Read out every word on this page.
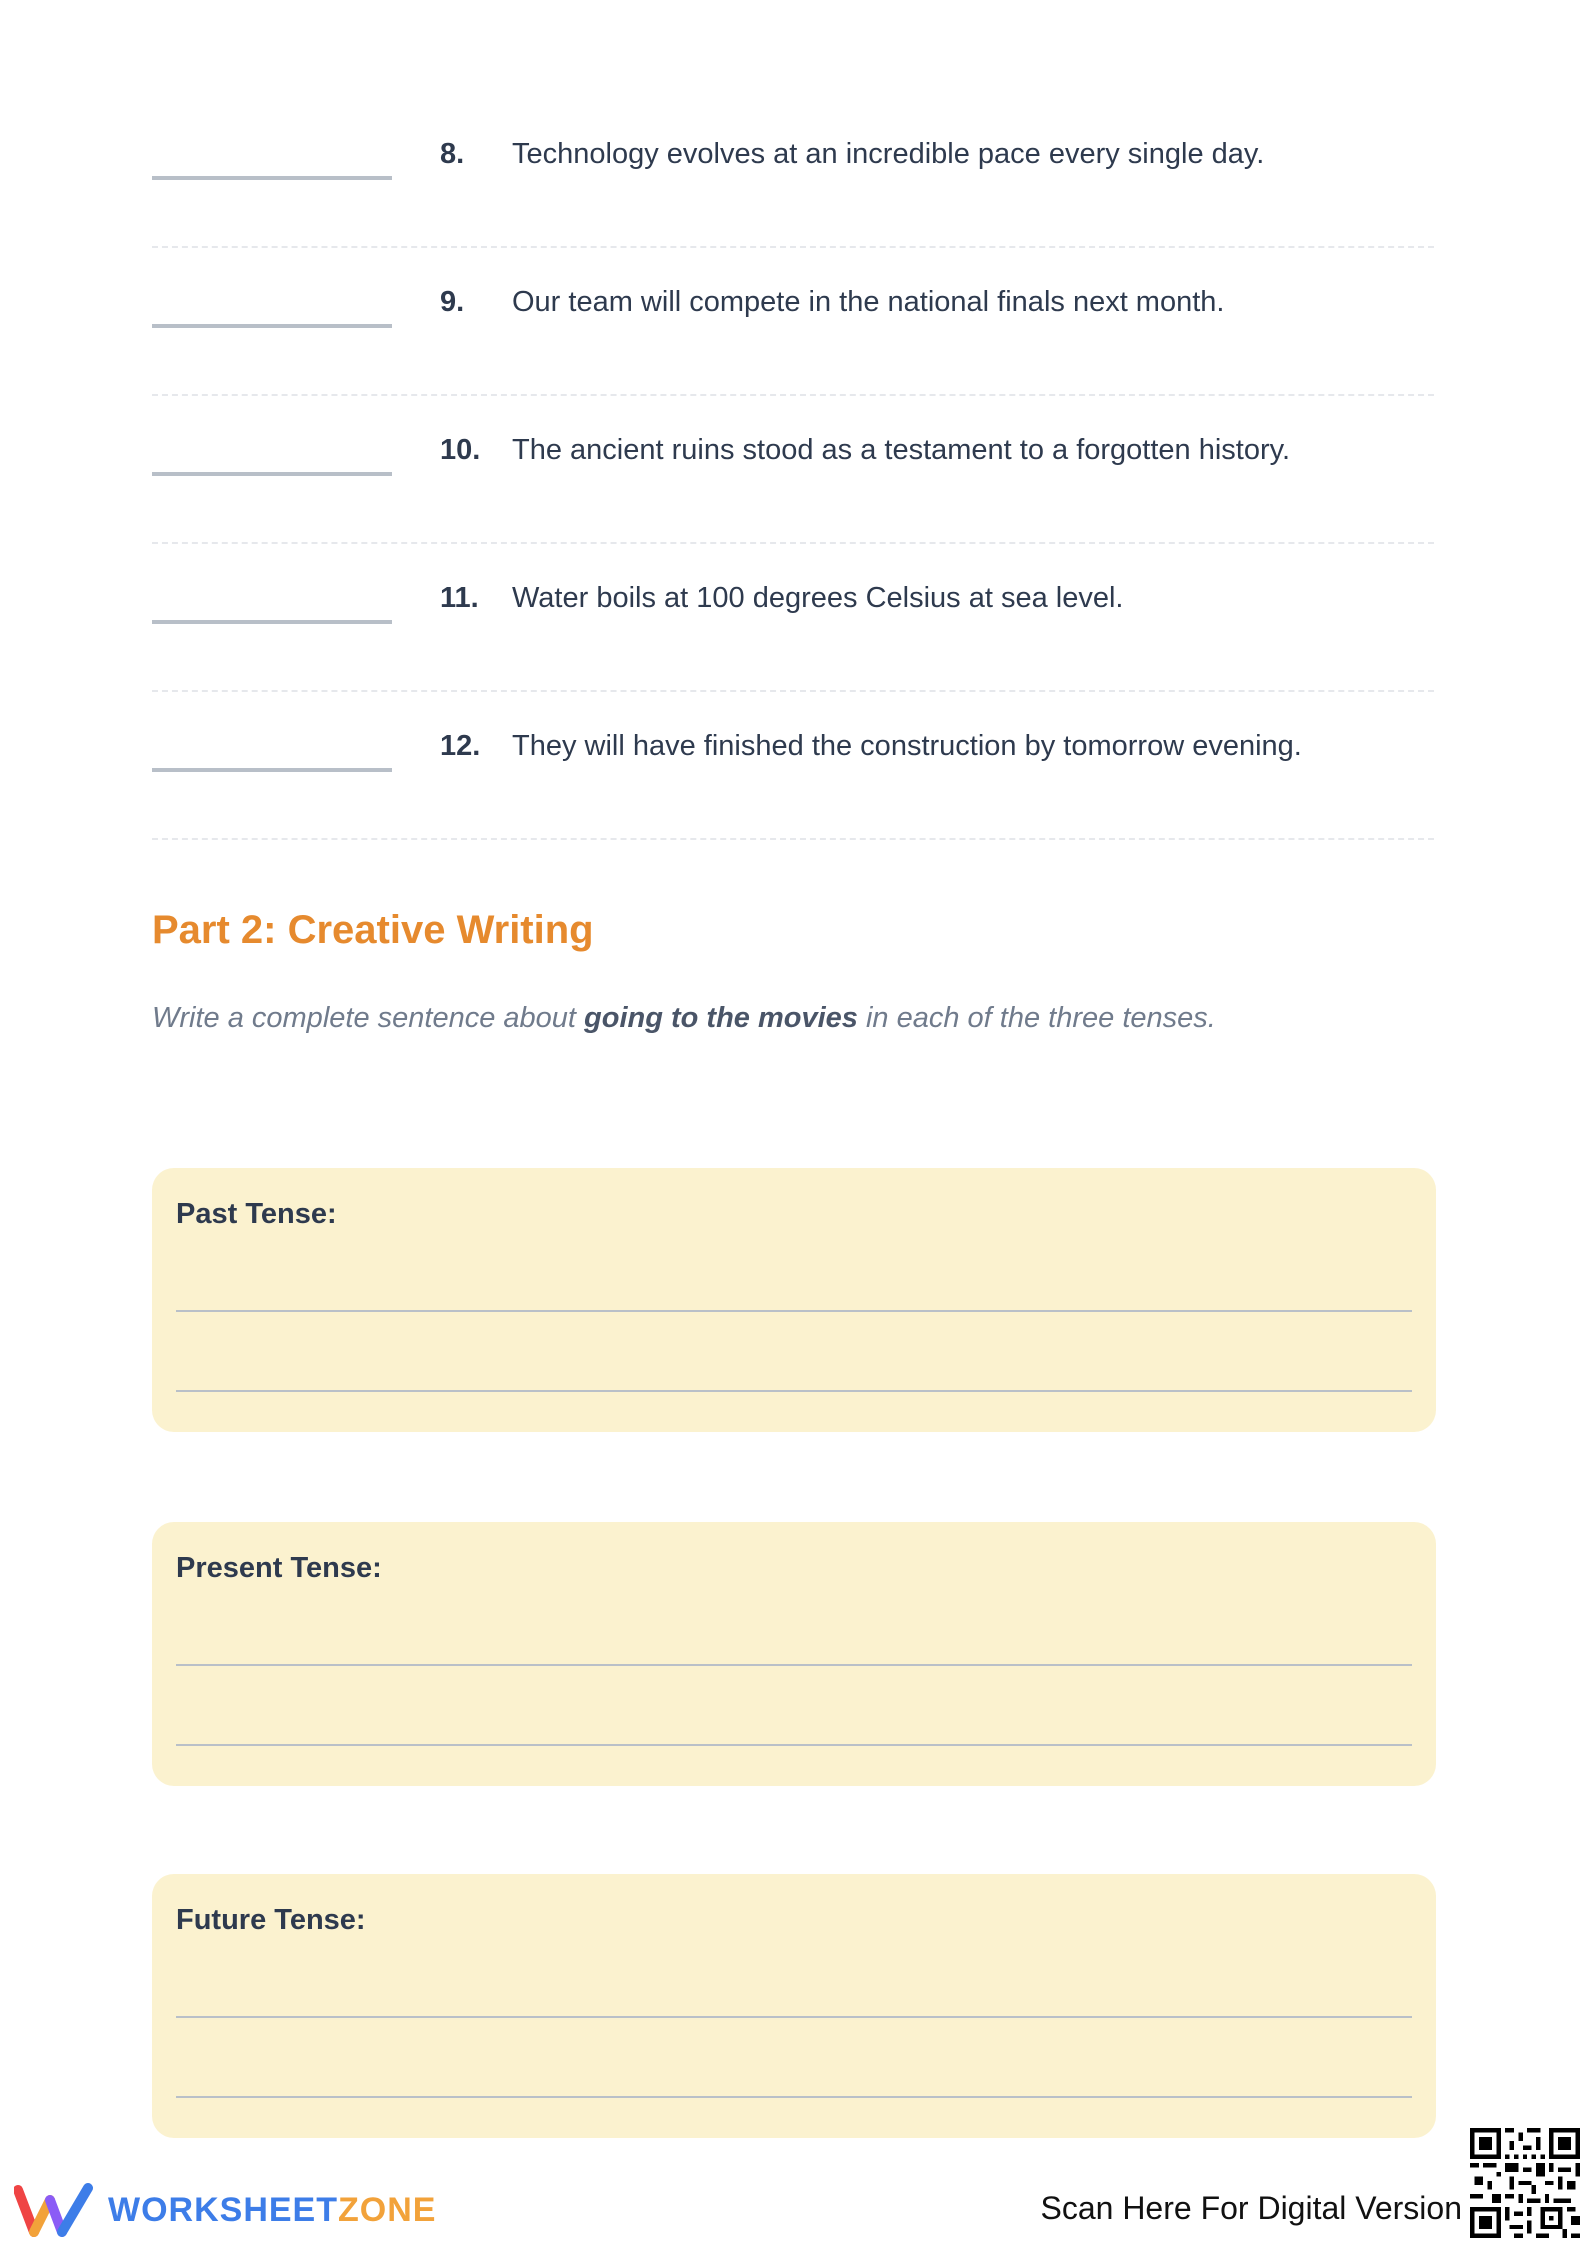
8. Technology evolves at an incredible pace every single day.
9. Our team will compete in the national finals next month.
10. The ancient ruins stood as a testament to a forgotten history.
11. Water boils at 100 degrees Celsius at sea level.
12. They will have finished the construction by tomorrow evening.
Part 2: Creative Writing
Write a complete sentence about going to the movies in each of the three tenses.
Past Tense:
Present Tense:
Future Tense:
WORKSHEETZONE	Scan Here For Digital Version
